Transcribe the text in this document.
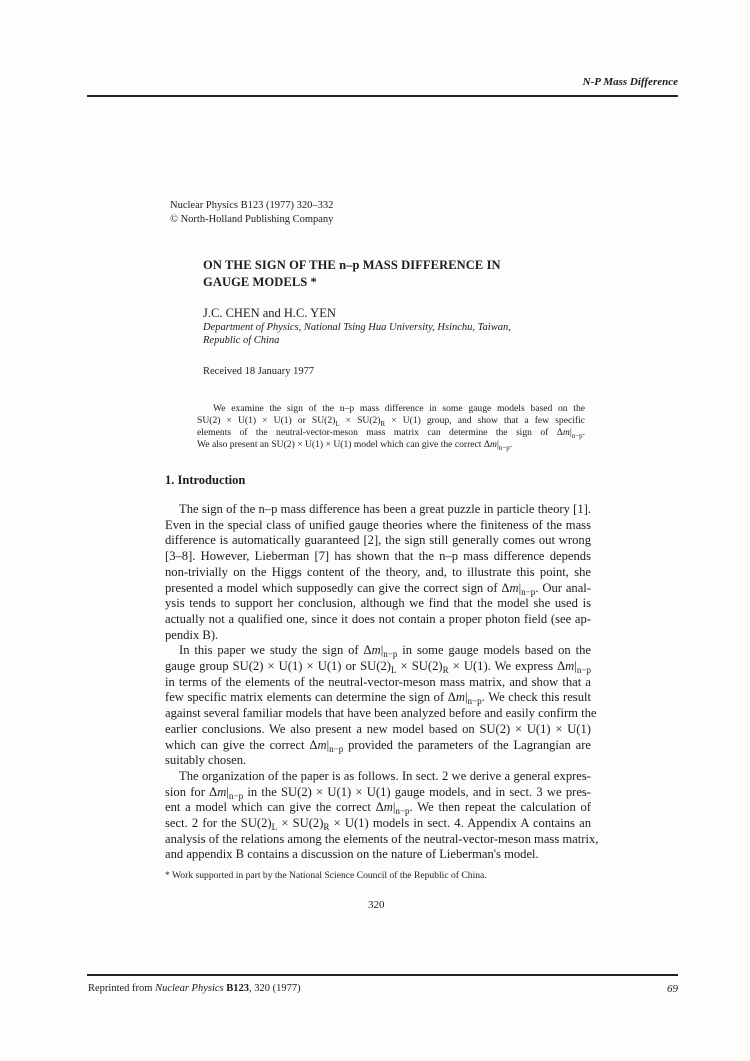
N-P Mass Difference
Nuclear Physics B123 (1977) 320–332
© North-Holland Publishing Company
ON THE SIGN OF THE n–p MASS DIFFERENCE IN
GAUGE MODELS *
J.C. CHEN and H.C. YEN
Department of Physics, National Tsing Hua University, Hsinchu, Taiwan,
Republic of China
Received 18 January 1977
We examine the sign of the n–p mass difference in some gauge models based on the
SU(2) × U(1) × U(1) or $SU(2)_L \times SU(2)_R \times U(1)$ group, and show that a few specific
elements of the neutral-vector-meson mass matrix can determine the sign of $\Delta m|_{n-p}$.
We also present an SU(2) × U(1) × U(1) model which can give the correct $\Delta m|_{n-p}$.
1. Introduction
The sign of the n–p mass difference has been a great puzzle in particle theory [1].
Even in the special class of unified gauge theories where the finiteness of the mass
difference is automatically guaranteed [2], the sign still generally comes out wrong
[3–8]. However, Lieberman [7] has shown that the n–p mass difference depends
non-trivially on the Higgs content of the theory, and, to illustrate this point, she
presented a model which supposedly can give the correct sign of $\Delta m|_{n-p}$. Our anal-
ysis tends to support her conclusion, although we find that the model she used is
actually not a qualified one, since it does not contain a proper photon field (see ap-
pendix B).
In this paper we study the sign of $\Delta m|_{n-p}$ in some gauge models based on the
gauge group SU(2) × U(1) × U(1) or $SU(2)_L \times SU(2)_R \times U(1)$. We express $\Delta m|_{n-p}$
in terms of the elements of the neutral-vector-meson mass matrix, and show that a
few specific matrix elements can determine the sign of $\Delta m|_{n-p}$. We check this result
against several familiar models that have been analyzed before and easily confirm the
earlier conclusions. We also present a new model based on SU(2) × U(1) × U(1)
which can give the correct $\Delta m|_{n-p}$ provided the parameters of the Lagrangian are
suitably chosen.
The organization of the paper is as follows. In sect. 2 we derive a general expres-
sion for $\Delta m|_{n-p}$ in the SU(2) × U(1) × U(1) gauge models, and in sect. 3 we pres-
ent a model which can give the correct $\Delta m|_{n-p}$. We then repeat the calculation of
sect. 2 for the $SU(2)_L \times SU(2)_R \times U(1)$ models in sect. 4. Appendix A contains an
analysis of the relations among the elements of the neutral-vector-meson mass matrix,
and appendix B contains a discussion on the nature of Lieberman's model.
* Work supported in part by the National Science Council of the Republic of China.
320
Reprinted from Nuclear Physics B123, 320 (1977)	69
